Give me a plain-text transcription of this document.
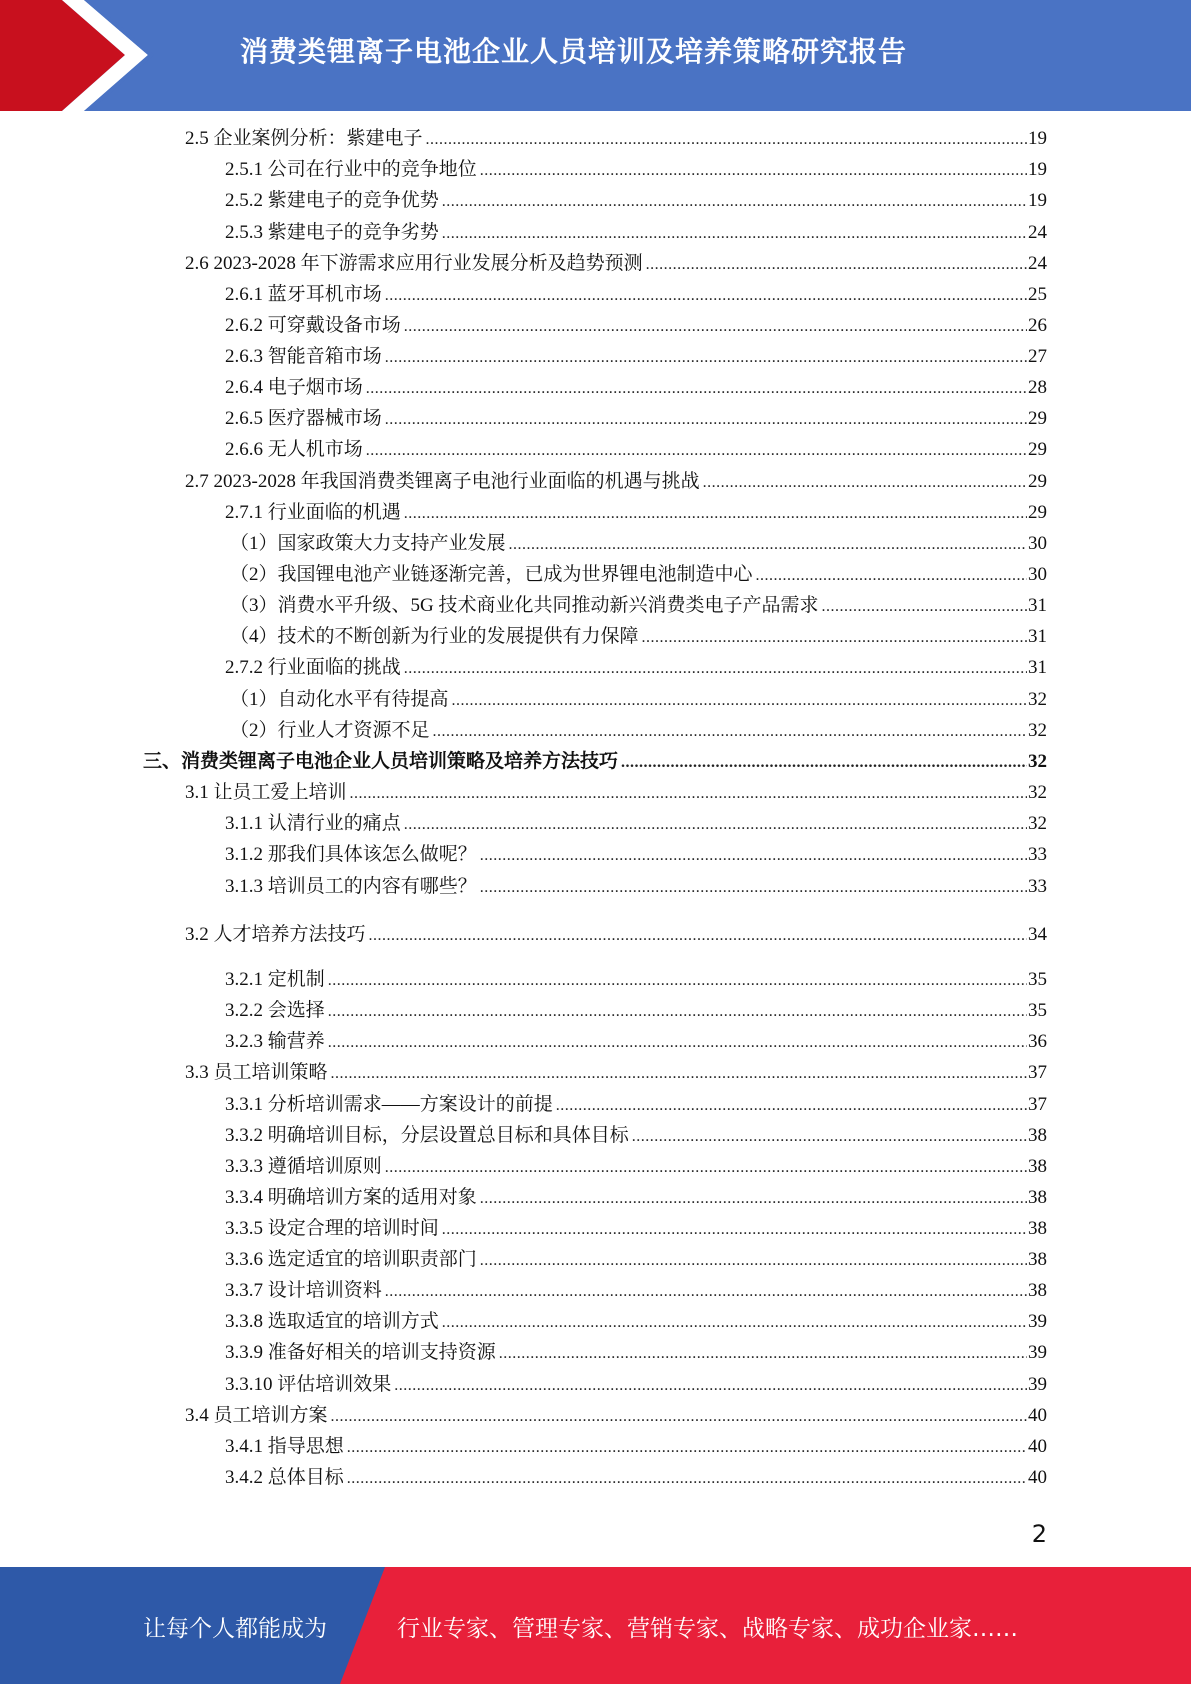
消费类锂离子电池企业人员培训及培养策略研究报告
2.5 企业案例分析：紫建电子 .....	19
2.5.1 公司在行业中的竞争地位 .....	19
2.5.2 紫建电子的竞争优势 .....	19
2.5.3 紫建电子的竞争劣势 .....	24
2.6 2023-2028 年下游需求应用行业发展分析及趋势预测 .....	24
2.6.1 蓝牙耳机市场 .....	25
2.6.2 可穿戴设备市场 .....	26
2.6.3 智能音箱市场 .....	27
2.6.4 电子烟市场 .....	28
2.6.5 医疗器械市场 .....	29
2.6.6 无人机市场 .....	29
2.7 2023-2028 年我国消费类锂离子电池行业面临的机遇与挑战 .....	29
2.7.1 行业面临的机遇 .....	29
（1）国家政策大力支持产业发展 .....	30
（2）我国锂电池产业链逐渐完善，已成为世界锂电池制造中心 .....	30
（3）消费水平升级、5G 技术商业化共同推动新兴消费类电子产品需求 .....	31
（4）技术的不断创新为行业的发展提供有力保障 .....	31
2.7.2 行业面临的挑战 .....	31
（1）自动化水平有待提高 .....	32
（2）行业人才资源不足 .....	32
三、消费类锂离子电池企业人员培训策略及培养方法技巧 .....	32
3.1 让员工爱上培训 .....	32
3.1.1 认清行业的痛点 .....	32
3.1.2 那我们具体该怎么做呢？ .....	33
3.1.3 培训员工的内容有哪些？ .....	33
3.2 人才培养方法技巧 .....	34
3.2.1 定机制 .....	35
3.2.2 会选择 .....	35
3.2.3 输营养 .....	36
3.3 员工培训策略 .....	37
3.3.1 分析培训需求——方案设计的前提 .....	37
3.3.2 明确培训目标，分层设置总目标和具体目标 .....	38
3.3.3 遵循培训原则 .....	38
3.3.4 明确培训方案的适用对象 .....	38
3.3.5 设定合理的培训时间 .....	38
3.3.6 选定适宜的培训职责部门 .....	38
3.3.7 设计培训资料 .....	38
3.3.8 选取适宜的培训方式 .....	39
3.3.9 准备好相关的培训支持资源 .....	39
3.3.10 评估培训效果 .....	39
3.4 员工培训方案 .....	40
3.4.1 指导思想 .....	40
3.4.2 总体目标 .....	40
2
让每个人都能成为	行业专家、管理专家、营销专家、战略专家、成功企业家……
